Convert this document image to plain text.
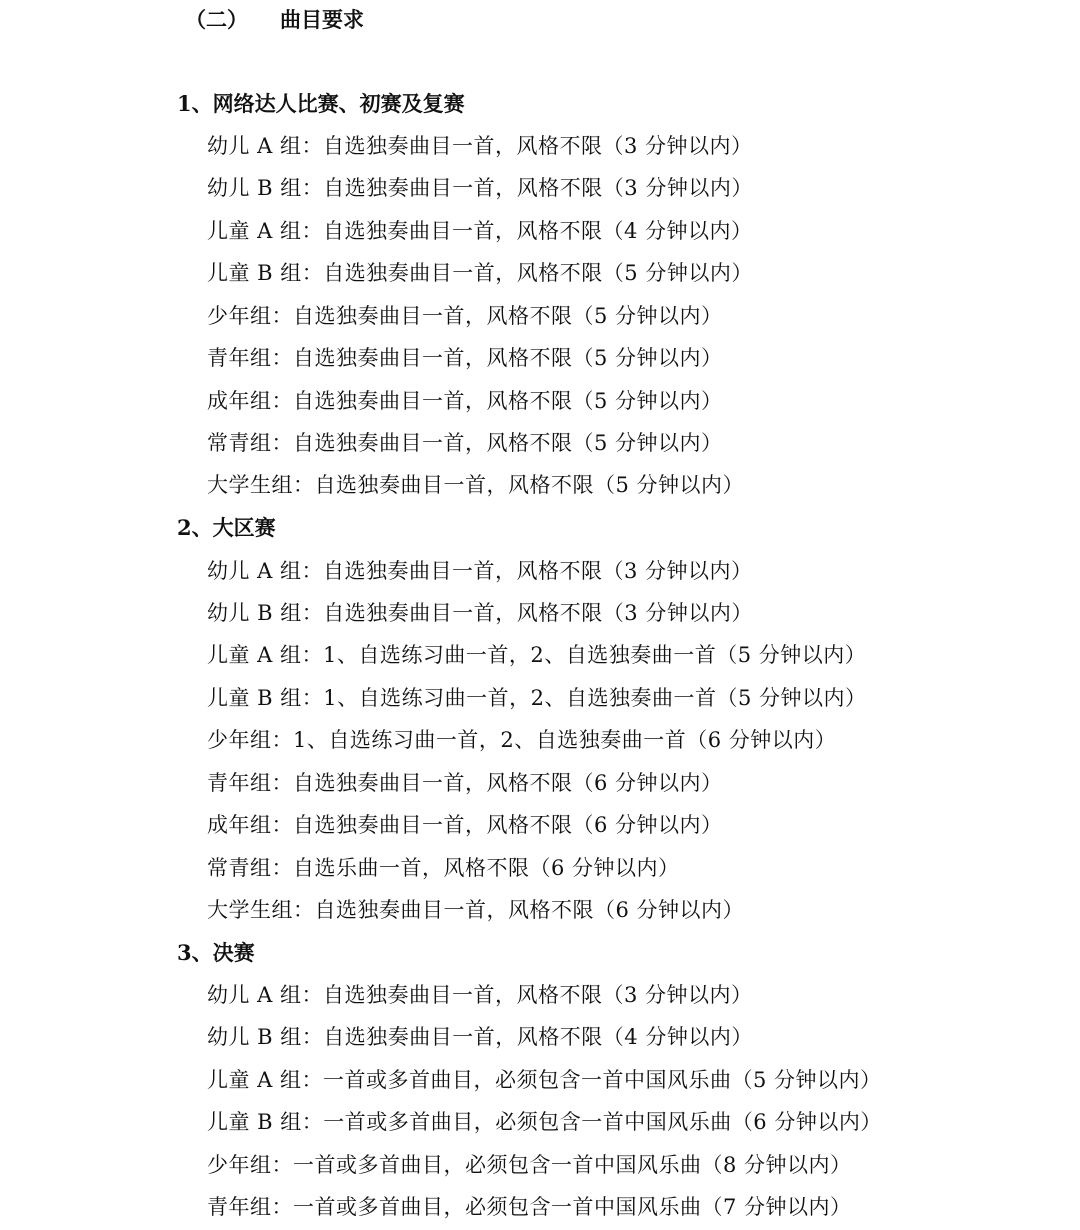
（二） 曲目要求
1、网络达人比赛、初赛及复赛
幼儿 A 组：自选独奏曲目一首，风格不限（3 分钟以内）
幼儿 B 组：自选独奏曲目一首，风格不限（3 分钟以内）
儿童 A 组：自选独奏曲目一首，风格不限（4 分钟以内）
儿童 B 组：自选独奏曲目一首，风格不限（5 分钟以内）
少年组：自选独奏曲目一首，风格不限（5 分钟以内）
青年组：自选独奏曲目一首，风格不限（5 分钟以内）
成年组：自选独奏曲目一首，风格不限（5 分钟以内）
常青组：自选独奏曲目一首，风格不限（5 分钟以内）
大学生组：自选独奏曲目一首，风格不限（5 分钟以内）
2、大区赛
幼儿 A 组：自选独奏曲目一首，风格不限（3 分钟以内）
幼儿 B 组：自选独奏曲目一首，风格不限（3 分钟以内）
儿童 A 组：1、自选练习曲一首，2、自选独奏曲一首（5 分钟以内）
儿童 B 组：1、自选练习曲一首，2、自选独奏曲一首（5 分钟以内）
少年组：1、自选练习曲一首，2、自选独奏曲一首（6 分钟以内）
青年组：自选独奏曲目一首，风格不限（6 分钟以内）
成年组：自选独奏曲目一首，风格不限（6 分钟以内）
常青组：自选乐曲一首，风格不限（6 分钟以内）
大学生组：自选独奏曲目一首，风格不限（6 分钟以内）
3、决赛
幼儿 A 组：自选独奏曲目一首，风格不限（3 分钟以内）
幼儿 B 组：自选独奏曲目一首，风格不限（4 分钟以内）
儿童 A 组：一首或多首曲目，必须包含一首中国风乐曲（5 分钟以内）
儿童 B 组：一首或多首曲目，必须包含一首中国风乐曲（6 分钟以内）
少年组：一首或多首曲目，必须包含一首中国风乐曲（8 分钟以内）
青年组：一首或多首曲目，必须包含一首中国风乐曲（7 分钟以内）
